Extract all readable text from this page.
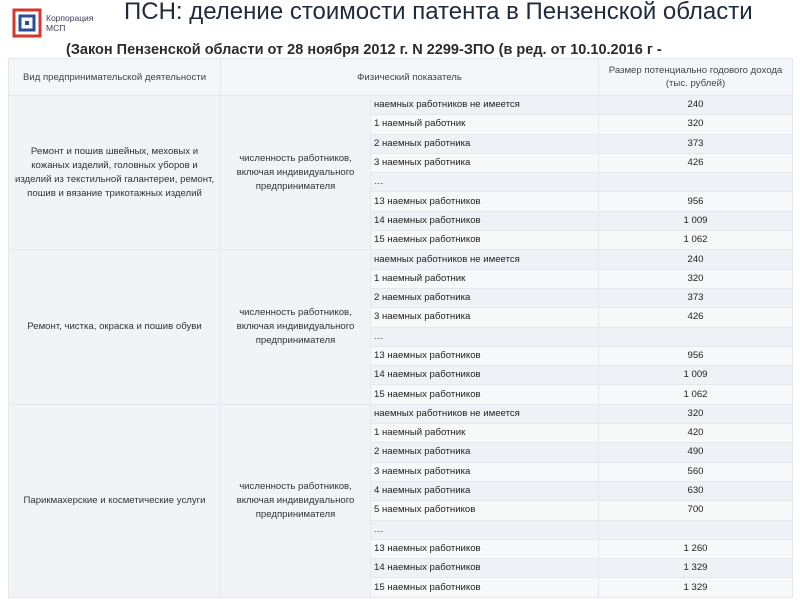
Корпорация
МСП
ПСН: деление стоимости патента в Пензенской области
(Закон Пензенской области от 28 ноября 2012 г. N 2299-ЗПО (в ред. от 10.10.2016 г -
Вид предпринимательской деятельности	Физический показатель		Размер потенциально годового дохода (тыс. рублей)
Ремонт и пошив швейных, меховых и кожаных изделий, головных уборов и изделий из текстильной галантереи, ремонт, пошив и вязание трикотажных изделий	численность работников, включая индивидуального предпринимателя	наемных работников не имеется	240
		1 наемный работник	320
		2 наемных работника	373
		3 наемных работника	426
		…	
		13 наемных работников	956
		14 наемных работников	1 009
		15 наемных работников	1 062
Ремонт, чистка, окраска и пошив обуви	численность работников, включая индивидуального предпринимателя	наемных работников не имеется	240
		1 наемный работник	320
		2 наемных работника	373
		3 наемных работника	426
		…	
		13 наемных работников	956
		14 наемных работников	1 009
		15 наемных работников	1 062
Парикмахерские и косметические услуги	численность работников, включая индивидуального предпринимателя	наемных работников не имеется	320
		1 наемный работник	420
		2 наемных работника	490
		3 наемных работника	560
		4 наемных работника	630
		5 наемных работников	700
		…	
		13 наемных работников	1 260
		14 наемных работников	1 329
		15 наемных работников	1 329
